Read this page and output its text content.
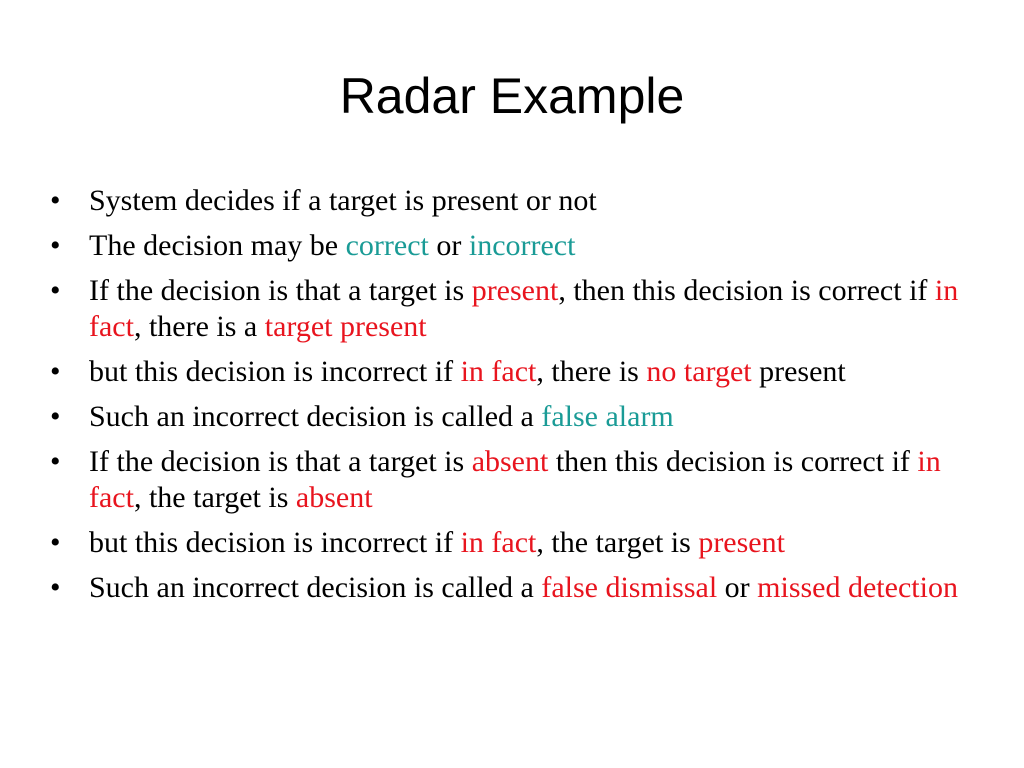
Radar Example
• System decides if a target is present or not
• The decision may be correct or incorrect
• If the decision is that a target is present, then this decision is correct if in fact, there is a target present
• but this decision is incorrect if in fact, there is no target present
• Such an incorrect decision is called a false alarm
• If the decision is that a target is absent then this decision is correct if in fact, the target is absent
• but this decision is incorrect if in fact, the target is present
• Such an incorrect decision is called a false dismissal or missed detection
